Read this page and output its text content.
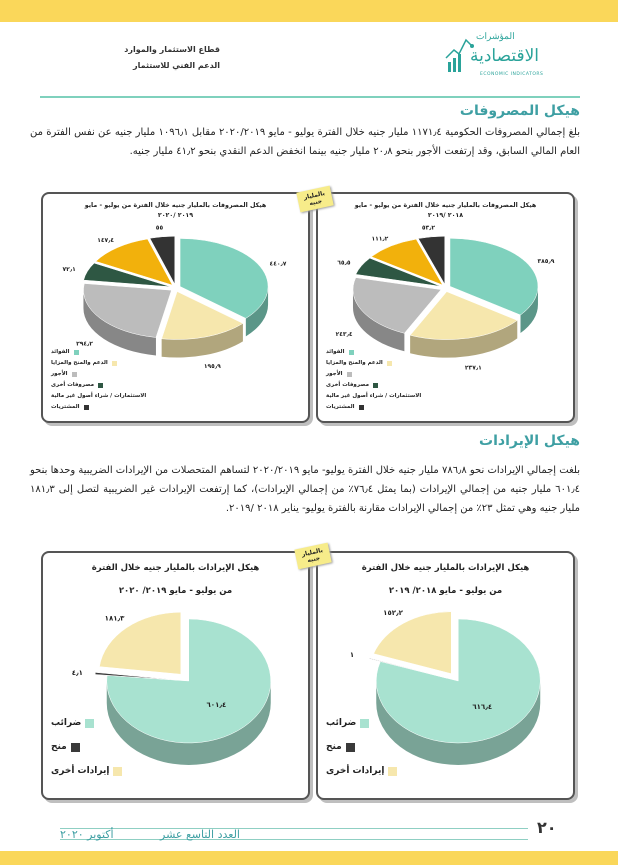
قطاع الاستثمار والموارد
الدعم الفني للاستثمار
المؤشرات
الاقتصادية
ECONOMIC INDICATORS
هيكل المصروفات
بلغ إجمالي المصروفات الحكومية ١١٧١٫٤ مليار جنيه خلال الفترة يوليو - مايو ٢٠٢٠/٢٠١٩ مقابل ١٠٩٦٫١ مليار جنيه عن نفس الفترة من العام المالي السابق، وقد إرتفعت الأجور بنحو ٢٠٫٨ مليار جنيه بينما انخفض الدعم النقدي بنحو ٤١٫٢ مليار جنيه.
هيكل المصروفات بالمليار جنيه خلال الفترة من يوليو - مايو
٢٠١٩ /٢٠٢٠
٤٤٠٫٧
١٩٥٫٩
٢٩٤٫٢
٧٢٫١
١٤٧٫٤
٥٥
الفوائد
الدعم والمنح والمزايا
الأجور
مصروفات أخرى
الاستثمارات / شراء أصول غير مالية
المشتريات
هيكل المصروفات بالمليار جنيه خلال الفترة من يوليو - مايو
٢٠١٨ /٢٠١٩
٣٨٥٫٩
٢٣٧٫١
٢٤٣٫٤
٦٥٫٥
١١١٫٢
٥٣٫٢
الفوائد
الدعم والمنح والمزايا
الأجور
مصروفات أخرى
الاستثمارات / شراء أصول غير مالية
المشتريات
بالمليار جنيه
هيكل الإيرادات
بلغت إجمالي الإيرادات نحو ٧٨٦٫٨ مليار جنيه خلال الفترة يوليو- مايو ٢٠٢٠/٢٠١٩ لتساهم المتحصلات من الإيرادات الضريبية وحدها بنحو ٦٠١٫٤ مليار جنيه من إجمالي الإيرادات (بما يمثل ٧٦٫٤٪ من إجمالي الإيرادات)، كما إرتفعت الإيرادات غير الضريبية لتصل إلى ١٨١٫٣ مليار جنيه وهي تمثل ٢٣٪ من إجمالي الإيرادات مقارنة بالفترة يوليو- يناير ٢٠١٨ /٢٠١٩.
هيكل الإيرادات بالمليار جنيه خلال الفترة
من يوليو - مايو ٢٠١٩/ ٢٠٢٠
٦٠١٫٤
٤٫١
١٨١٫٣
ضرائب
منح
إيرادات أخرى
هيكل الإيرادات بالمليار جنيه خلال الفترة
من يوليو - مايو ٢٠١٨/ ٢٠١٩
٦١٦٫٤
١
١٥٢٫٢
ضرائب
منح
إيرادات أخرى
بالمليار جنيه
٢٠
أكتوبر ٢٠٢٠	العدد التاسع عشر
